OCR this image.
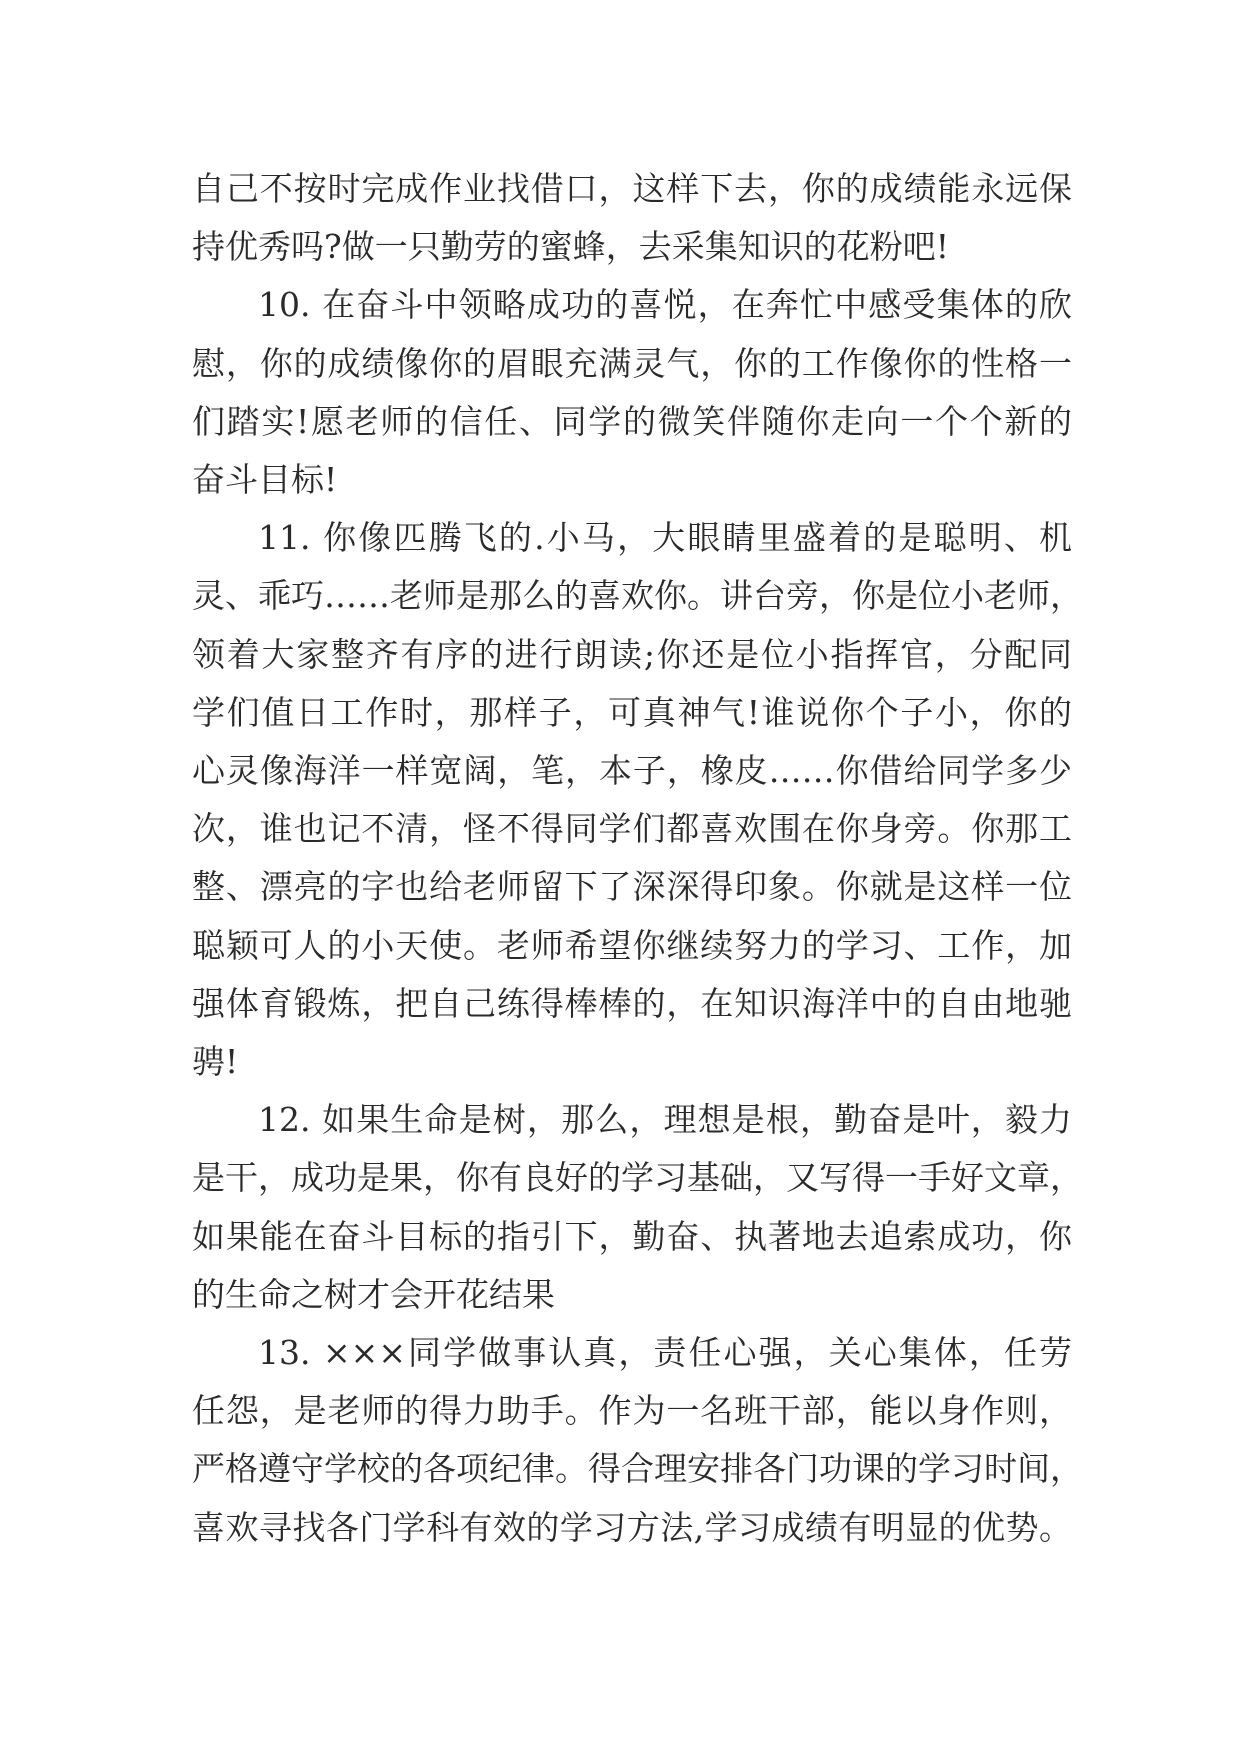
自己不按时完成作业找借口，这样下去，你的成绩能永远保
持优秀吗?做一只勤劳的蜜蜂，去采集知识的花粉吧!
10. 在奋斗中领略成功的喜悦，在奔忙中感受集体的欣
慰，你的成绩像你的眉眼充满灵气，你的工作像你的性格一
们踏实!愿老师的信任、同学的微笑伴随你走向一个个新的
奋斗目标!
11. 你像匹腾飞的.小马，大眼睛里盛着的是聪明、机
灵、乖巧……老师是那么的喜欢你。讲台旁，你是位小老师，
领着大家整齐有序的进行朗读;你还是位小指挥官，分配同
学们值日工作时，那样子，可真神气!谁说你个子小，你的
心灵像海洋一样宽阔，笔，本子，橡皮……你借给同学多少
次，谁也记不清，怪不得同学们都喜欢围在你身旁。你那工
整、漂亮的字也给老师留下了深深得印象。你就是这样一位
聪颖可人的小天使。老师希望你继续努力的学习、工作，加
强体育锻炼，把自己练得棒棒的，在知识海洋中的自由地驰
骋!
12. 如果生命是树，那么，理想是根，勤奋是叶，毅力
是干，成功是果，你有良好的学习基础，又写得一手好文章，
如果能在奋斗目标的指引下，勤奋、执著地去追索成功，你
的生命之树才会开花结果
13. ×××同学做事认真，责任心强，关心集体，任劳
任怨，是老师的得力助手。作为一名班干部，能以身作则，
严格遵守学校的各项纪律。得合理安排各门功课的学习时间，
喜欢寻找各门学科有效的学习方法,学习成绩有明显的优势。
